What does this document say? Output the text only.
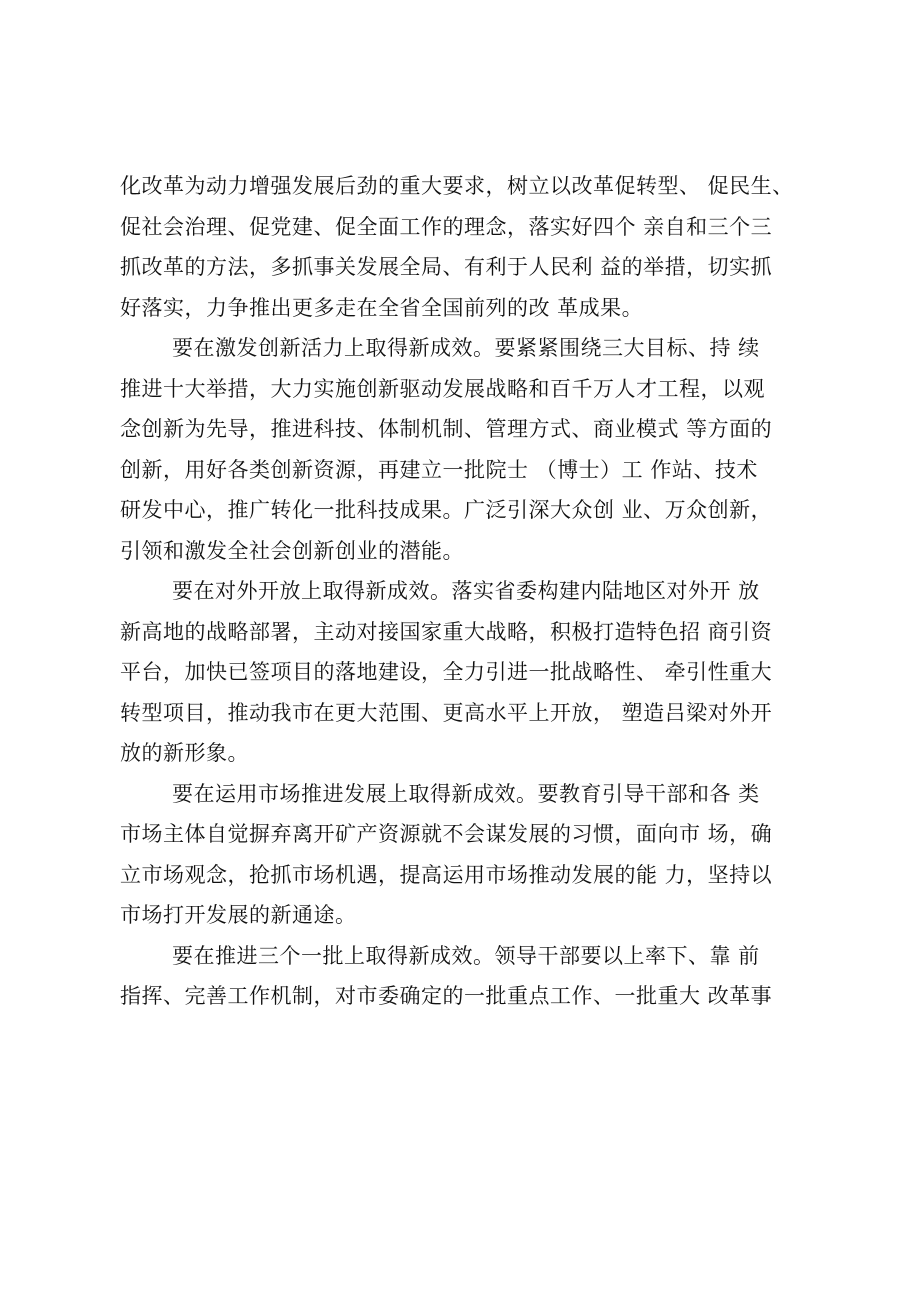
化改革为动力增强发展后劲的重大要求，树立以改革促转型、 促民生、
促社会治理、促党建、促全面工作的理念，落实好四个 亲自和三个三
抓改革的方法，多抓事关发展全局、有利于人民利 益的举措，切实抓
好落实，力争推出更多走在全省全国前列的改 革成果。
要在激发创新活力上取得新成效。要紧紧围绕三大目标、持 续
推进十大举措，大力实施创新驱动发展战略和百千万人才工程，以观
念创新为先导，推进科技、体制机制、管理方式、商业模式 等方面的
创新，用好各类创新资源，再建立一批院士 （博士）工 作站、技术
研发中心，推广转化一批科技成果。广泛引深大众创 业、万众创新，
引领和激发全社会创新创业的潜能。
要在对外开放上取得新成效。落实省委构建内陆地区对外开 放
新高地的战略部署，主动对接国家重大战略，积极打造特色招 商引资
平台，加快已签项目的落地建设，全力引进一批战略性、 牵引性重大
转型项目，推动我市在更大范围、更高水平上开放， 塑造吕梁对外开
放的新形象。
要在运用市场推进发展上取得新成效。要教育引导干部和各 类
市场主体自觉摒弃离开矿产资源就不会谋发展的习惯，面向市 场，确
立市场观念，抢抓市场机遇，提高运用市场推动发展的能 力，坚持以
市场打开发展的新通途。
要在推进三个一批上取得新成效。领导干部要以上率下、靠 前
指挥、完善工作机制，对市委确定的一批重点工作、一批重大 改革事
